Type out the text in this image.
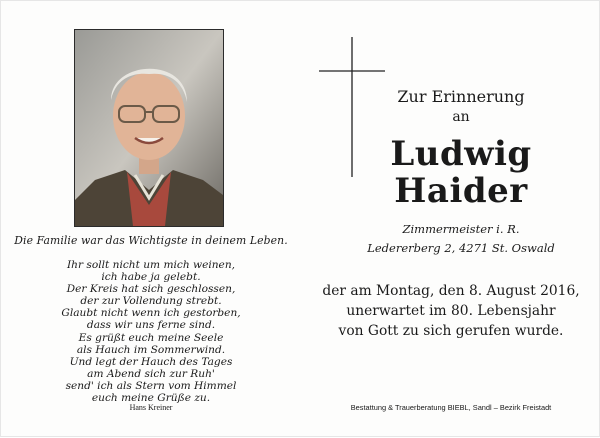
Die Familie war das Wichtigste in deinem Leben.
Ihr sollt nicht um mich weinen,
ich habe ja gelebt.
Der Kreis hat sich geschlossen,
der zur Vollendung strebt.
Glaubt nicht wenn ich gestorben,
dass wir uns ferne sind.
Es grüßt euch meine Seele
als Hauch im Sommerwind.
Und legt der Hauch des Tages
am Abend sich zur Ruh'
send' ich als Stern vom Himmel
euch meine Grüße zu.
Hans Kreiner
Zur Erinnerung
an
Ludwig
Haider
Zimmermeister i. R.
Ledererberg 2, 4271 St. Oswald
der am Montag, den 8. August 2016,
unerwartet im 80. Lebensjahr
von Gott zu sich gerufen wurde.
Bestattung & Trauerberatung BIEBL, Sandl – Bezirk Freistadt
